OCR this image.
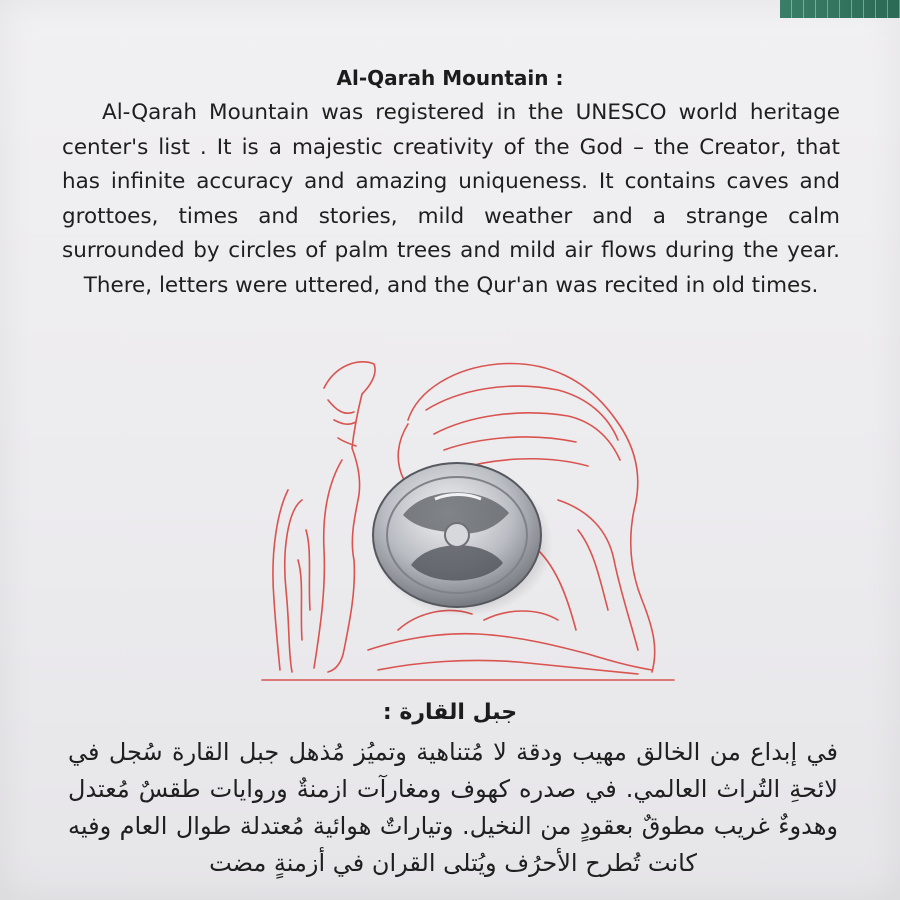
Al-Qarah Mountain :
Al-Qarah Mountain was registered in the UNESCO world heritage center's list . It is a majestic creativity of the God – the Creator, that has infinite accuracy and amazing uniqueness. It contains caves and grottoes, times and stories, mild weather and a strange calm surrounded by circles of palm trees and mild air flows during the year. There, letters were uttered, and the Qur'an was recited in old times.
جبل القارة :
في إبداع من الخالق مهيب ودقة لا مُتناهية وتميُز مُذهل جبل القارة سُجل في لائحةِ التُراث العالمي. في صدره كهوف ومغارآت ازمنةٌ وروايات طقسٌ مُعتدل وهدوءٌ غريب مطوقٌ بعقودٍ من النخيل. وتياراتٌ هوائية مُعتدلة طوال العام وفيه كانت تُطرح الأحرُف ويُتلى القران في أزمنةٍ مضت
